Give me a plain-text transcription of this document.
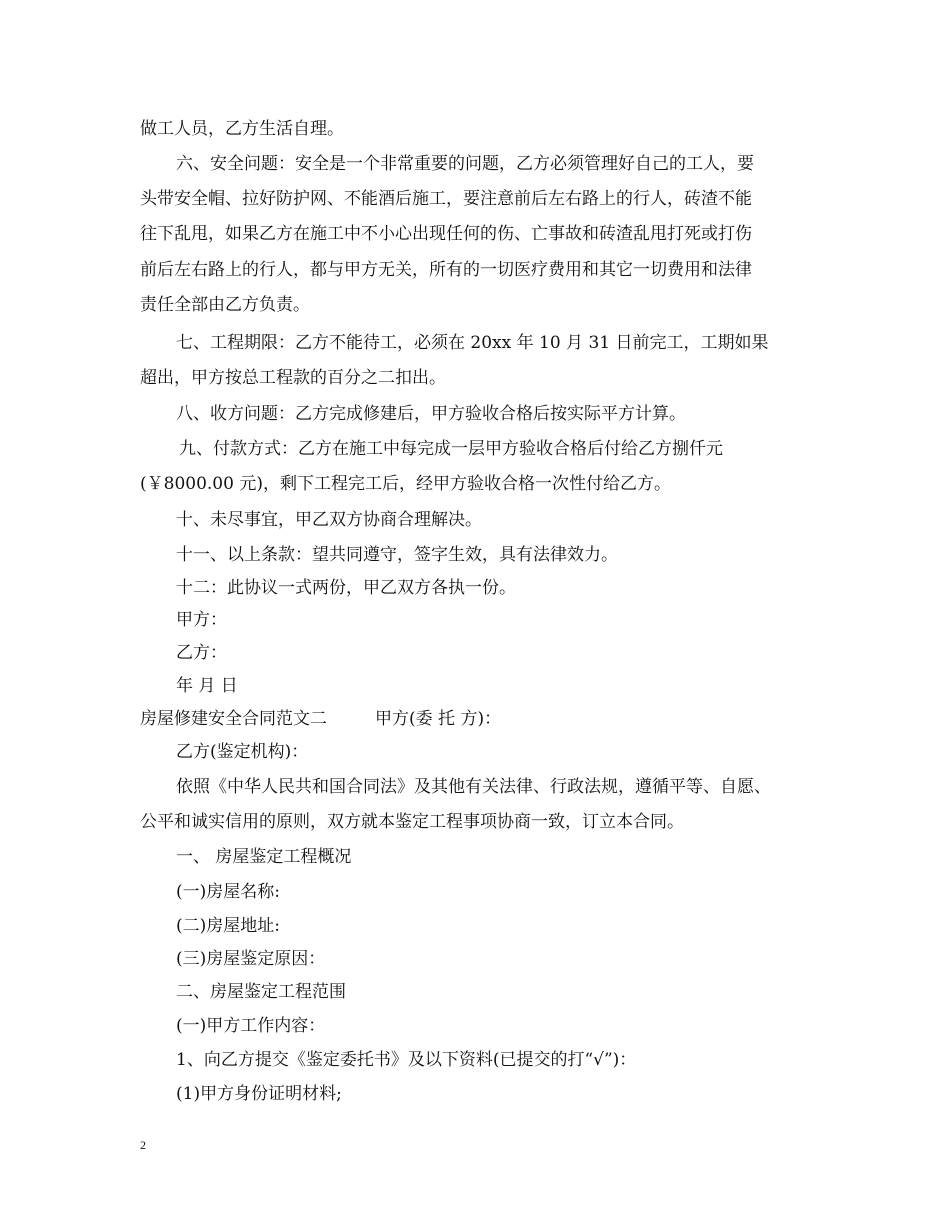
做工人员，乙方生活自理。
六、安全问题：安全是一个非常重要的问题，乙方必须管理好自己的工人，要
头带安全帽、拉好防护网、不能酒后施工，要注意前后左右路上的行人，砖渣不能
往下乱甩，如果乙方在施工中不小心出现任何的伤、亡事故和砖渣乱甩打死或打伤
前后左右路上的行人，都与甲方无关，所有的一切医疗费用和其它一切费用和法律
责任全部由乙方负责。
七、工程期限：乙方不能待工，必须在 20xx 年 10 月 31 日前完工，工期如果
超出，甲方按总工程款的百分之二扣出。
八、收方问题：乙方完成修建后，甲方验收合格后按实际平方计算。
九、付款方式：乙方在施工中每完成一层甲方验收合格后付给乙方捌仟元
(￥8000.00 元)，剩下工程完工后，经甲方验收合格一次性付给乙方。
十、未尽事宜，甲乙双方协商合理解决。
十一、以上条款：望共同遵守，签字生效，具有法律效力。
十二：此协议一式两份，甲乙双方各执一份。
甲方：
乙方：
年 月 日
房屋修建安全合同范文二	甲方(委 托 方)：
乙方(鉴定机构)：
依照《中华人民共和国合同法》及其他有关法律、行政法规，遵循平等、自愿、
公平和诚实信用的原则，双方就本鉴定工程事项协商一致，订立本合同。
一、 房屋鉴定工程概况
(一)房屋名称:
(二)房屋地址:
(三)房屋鉴定原因：
二、房屋鉴定工程范围
(一)甲方工作内容：
1、向乙方提交《鉴定委托书》及以下资料(已提交的打“√”)：
(1)甲方身份证明材料;
2
